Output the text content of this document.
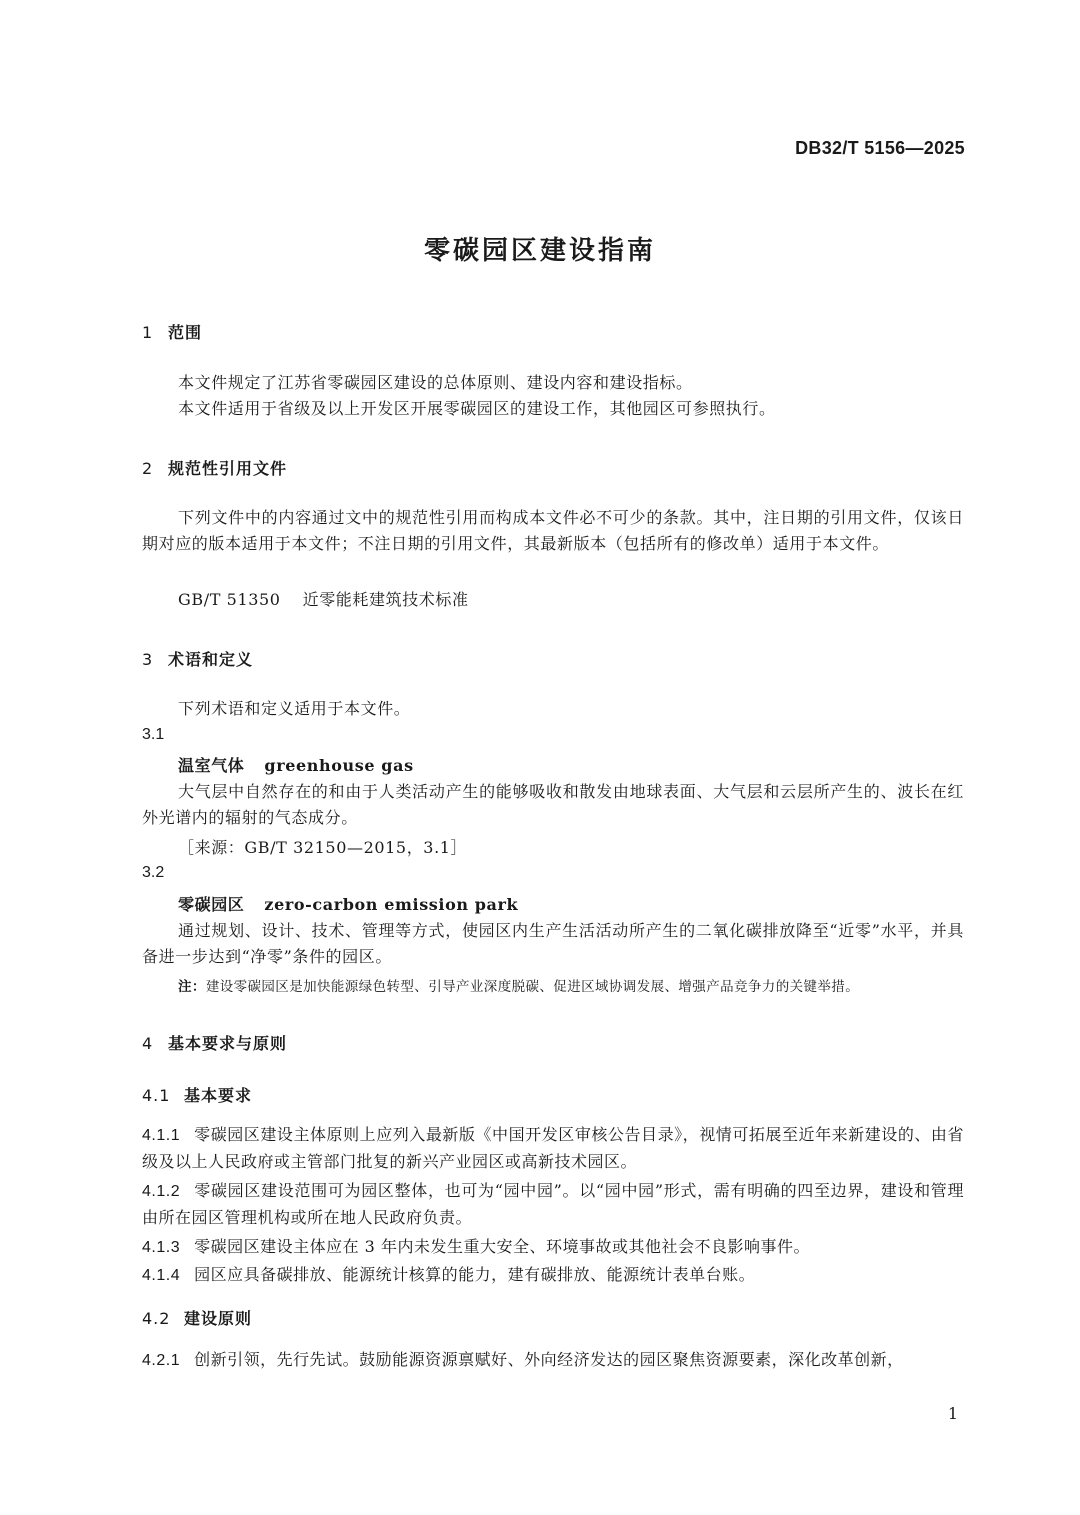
DB32/T 5156—2025
零碳园区建设指南
1 范围
本文件规定了江苏省零碳园区建设的总体原则、建设内容和建设指标。
本文件适用于省级及以上开发区开展零碳园区的建设工作，其他园区可参照执行。
2 规范性引用文件
下列文件中的内容通过文中的规范性引用而构成本文件必不可少的条款。其中，注日期的引用文件，仅该日期对应的版本适用于本文件；不注日期的引用文件，其最新版本（包括所有的修改单）适用于本文件。
GB/T 51350 近零能耗建筑技术标准
3 术语和定义
下列术语和定义适用于本文件。
3.1
温室气体 greenhouse gas
大气层中自然存在的和由于人类活动产生的能够吸收和散发由地球表面、大气层和云层所产生的、波长在红外光谱内的辐射的气态成分。
［来源：GB/T 32150—2015，3.1］
3.2
零碳园区 zero-carbon emission park
通过规划、设计、技术、管理等方式，使园区内生产生活活动所产生的二氧化碳排放降至“近零”水平，并具备进一步达到“净零”条件的园区。
注：建设零碳园区是加快能源绿色转型、引导产业深度脱碳、促进区域协调发展、增强产品竞争力的关键举措。
4 基本要求与原则
4.1 基本要求
4.1.1 零碳园区建设主体原则上应列入最新版《中国开发区审核公告目录》，视情可拓展至近年来新建设的、由省级及以上人民政府或主管部门批复的新兴产业园区或高新技术园区。
4.1.2 零碳园区建设范围可为园区整体，也可为“园中园”。以“园中园”形式，需有明确的四至边界，建设和管理由所在园区管理机构或所在地人民政府负责。
4.1.3 零碳园区建设主体应在 3 年内未发生重大安全、环境事故或其他社会不良影响事件。
4.1.4 园区应具备碳排放、能源统计核算的能力，建有碳排放、能源统计表单台账。
4.2 建设原则
4.2.1 创新引领，先行先试。鼓励能源资源禀赋好、外向经济发达的园区聚焦资源要素，深化改革创新，
1
